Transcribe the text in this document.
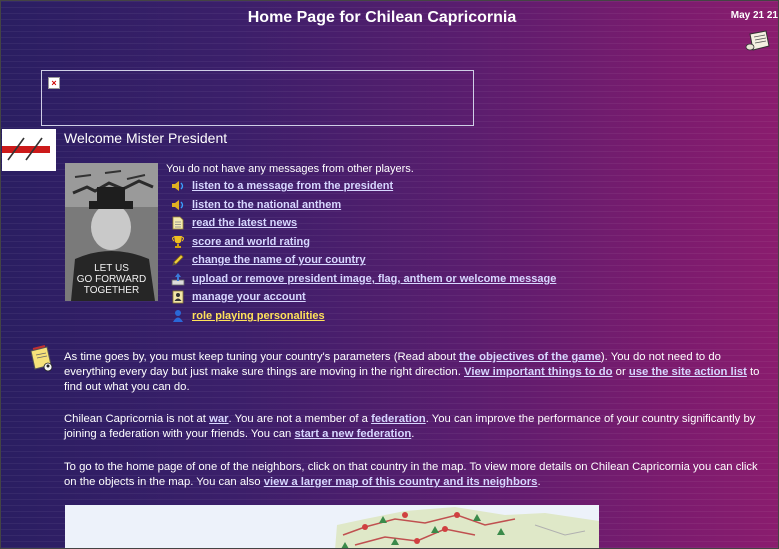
Home Page for Chilean Capricornia	May 21 21
×
Welcome Mister President
LET US
GO FORWARD
TOGETHER
You do not have any messages from other players.
listen to a message from the president
listen to the national anthem
read the latest news
score and world rating
change the name of your country
upload or remove president image, flag, anthem or welcome message
manage your account
role playing personalities
As time goes by, you must keep tuning your country's parameters (Read about the objectives of the game). You do not need to do everything every day but just make sure things are moving in the right direction. View important things to do or use the site action list to find out what you can do.
Chilean Capricornia is not at war. You are not a member of a federation. You can improve the performance of your country significantly by joining a federation with your friends. You can start a new federation.
To go to the home page of one of the neighbors, click on that country in the map. To view more details on Chilean Capricornia you can click on the objects in the map. You can also view a larger map of this country and its neighbors.
